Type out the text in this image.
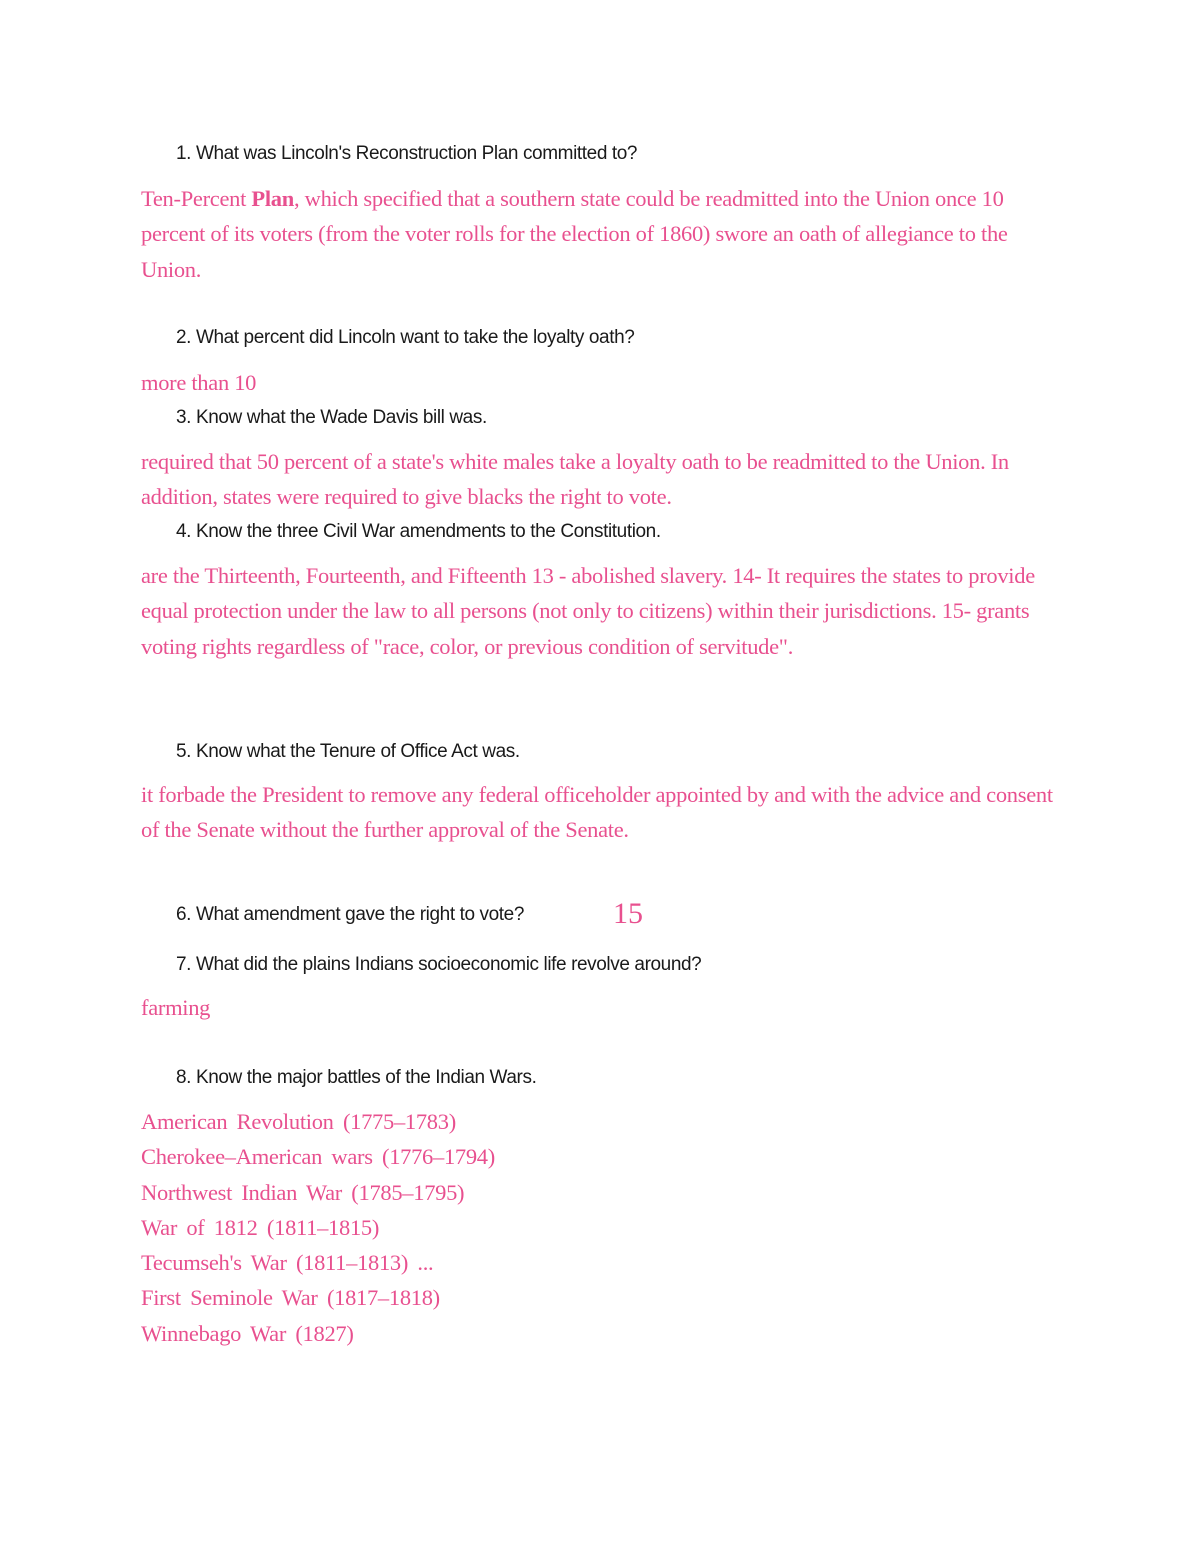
1. What was Lincoln's Reconstruction Plan committed to?
Ten-Percent Plan, which specified that a southern state could be readmitted into the Union once 10 percent of its voters (from the voter rolls for the election of 1860) swore an oath of allegiance to the Union.
2. What percent did Lincoln want to take the loyalty oath?
more than 10
3. Know what the Wade Davis bill was.
required that 50 percent of a state's white males take a loyalty oath to be readmitted to the Union. In addition, states were required to give blacks the right to vote.
4. Know the three Civil War amendments to the Constitution.
are the Thirteenth, Fourteenth, and Fifteenth 13 - abolished slavery. 14- It requires the states to provide equal protection under the law to all persons (not only to citizens) within their jurisdictions. 15- grants voting rights regardless of "race, color, or previous condition of servitude".
5. Know what the Tenure of Office Act was.
it forbade the President to remove any federal officeholder appointed by and with the advice and consent of the Senate without the further approval of the Senate.
6. What amendment gave the right to vote?	15
7. What did the plains Indians socioeconomic life revolve around?
farming
8. Know the major battles of the Indian Wars.
American Revolution (1775–1783)
Cherokee–American wars (1776–1794)
Northwest Indian War (1785–1795)
War of 1812 (1811–1815)
Tecumseh's War (1811–1813) ...
First Seminole War (1817–1818)
Winnebago War (1827)
